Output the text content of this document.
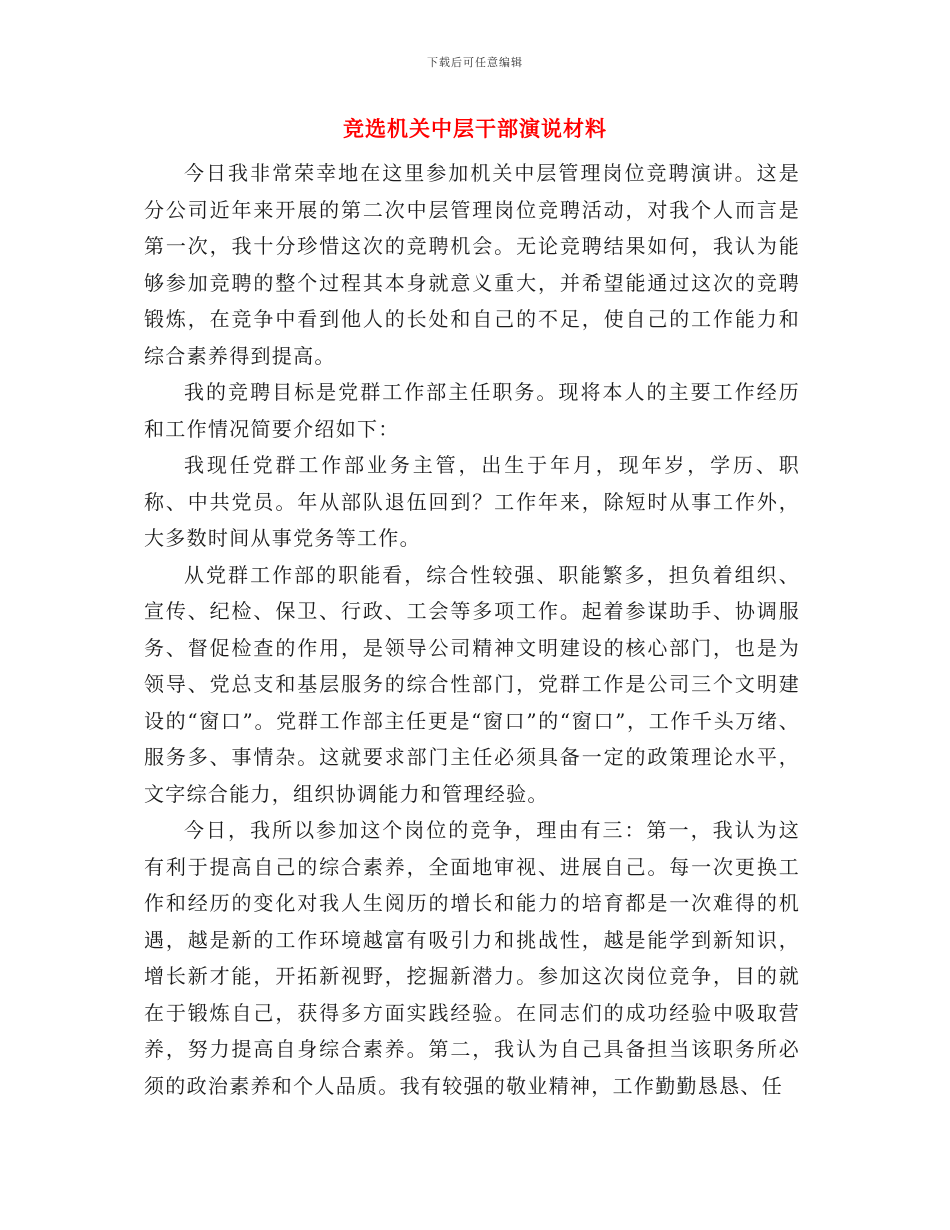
下载后可任意编辑
竞选机关中层干部演说材料

今日我非常荣幸地在这里参加机关中层管理岗位竞聘演讲。这是分公司近年来开展的第二次中层管理岗位竞聘活动，对我个人而言是第一次，我十分珍惜这次的竞聘机会。无论竞聘结果如何，我认为能够参加竞聘的整个过程其本身就意义重大，并希望能通过这次的竞聘锻炼，在竞争中看到他人的长处和自己的不足，使自己的工作能力和综合素养得到提高。

我的竞聘目标是党群工作部主任职务。现将本人的主要工作经历和工作情况简要介绍如下：

我现任党群工作部业务主管，出生于年月，现年岁，学历、职称、中共党员。年从部队退伍回到？工作年来，除短时从事工作外，大多数时间从事党务等工作。

从党群工作部的职能看，综合性较强、职能繁多，担负着组织、宣传、纪检、保卫、行政、工会等多项工作。起着参谋助手、协调服务、督促检查的作用，是领导公司精神文明建设的核心部门，也是为领导、党总支和基层服务的综合性部门，党群工作是公司三个文明建设的“窗口”。党群工作部主任更是“窗口”的“窗口”，工作千头万绪、服务多、事情杂。这就要求部门主任必须具备一定的政策理论水平，文字综合能力，组织协调能力和管理经验。

今日，我所以参加这个岗位的竞争，理由有三：第一，我认为这有利于提高自己的综合素养，全面地审视、进展自己。每一次更换工作和经历的变化对我人生阅历的增长和能力的培育都是一次难得的机遇，越是新的工作环境越富有吸引力和挑战性，越是能学到新知识，增长新才能，开拓新视野，挖掘新潜力。参加这次岗位竞争，目的就在于锻炼自己，获得多方面实践经验。在同志们的成功经验中吸取营养，努力提高自身综合素养。第二，我认为自己具备担当该职务所必须的政治素养和个人品质。我有较强的敬业精神，工作勤勤恳恳、任
